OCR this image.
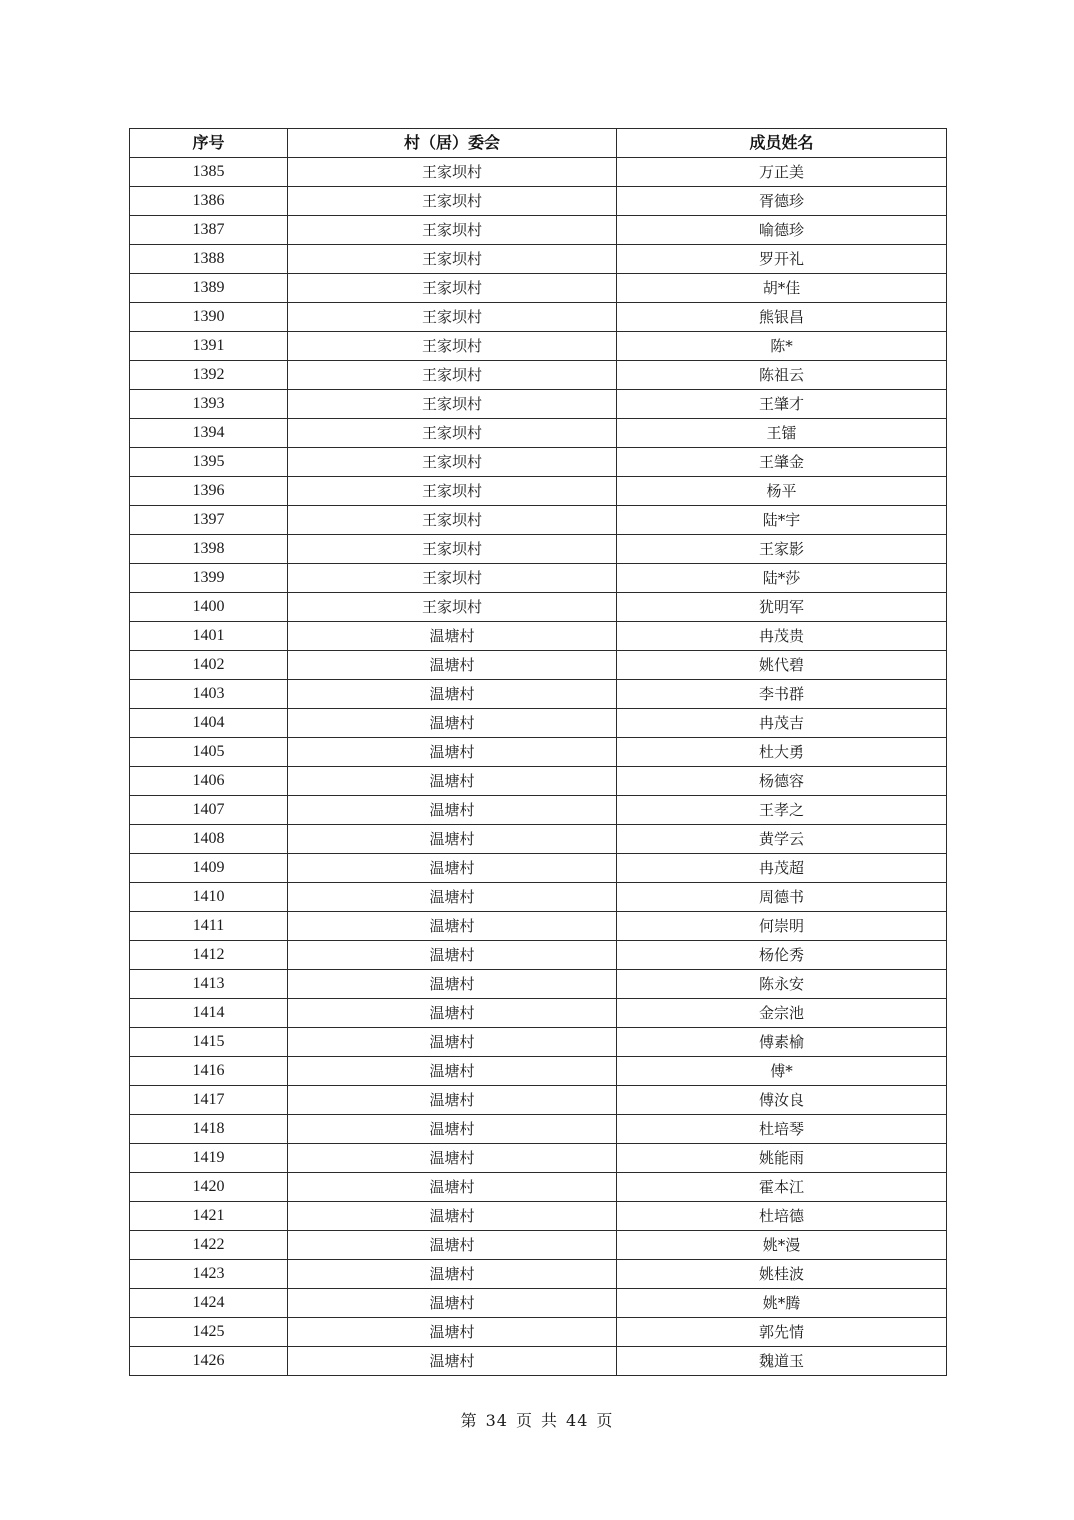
序号	村（居）委会	成员姓名
1385	王家坝村	万正美
1386	王家坝村	胥德珍
1387	王家坝村	喻德珍
1388	王家坝村	罗开礼
1389	王家坝村	胡*佳
1390	王家坝村	熊银昌
1391	王家坝村	陈*
1392	王家坝村	陈祖云
1393	王家坝村	王肇才
1394	王家坝村	王镭
1395	王家坝村	王肇金
1396	王家坝村	杨平
1397	王家坝村	陆*宇
1398	王家坝村	王家影
1399	王家坝村	陆*莎
1400	王家坝村	犹明军
1401	温塘村	冉茂贵
1402	温塘村	姚代碧
1403	温塘村	李书群
1404	温塘村	冉茂吉
1405	温塘村	杜大勇
1406	温塘村	杨德容
1407	温塘村	王孝之
1408	温塘村	黄学云
1409	温塘村	冉茂超
1410	温塘村	周德书
1411	温塘村	何崇明
1412	温塘村	杨伦秀
1413	温塘村	陈永安
1414	温塘村	金宗池
1415	温塘村	傅素榆
1416	温塘村	傅*
1417	温塘村	傅汝良
1418	温塘村	杜培琴
1419	温塘村	姚能雨
1420	温塘村	霍本江
1421	温塘村	杜培德
1422	温塘村	姚*漫
1423	温塘村	姚桂波
1424	温塘村	姚*腾
1425	温塘村	郭先情
1426	温塘村	魏道玉
第 34 页 共 44 页
